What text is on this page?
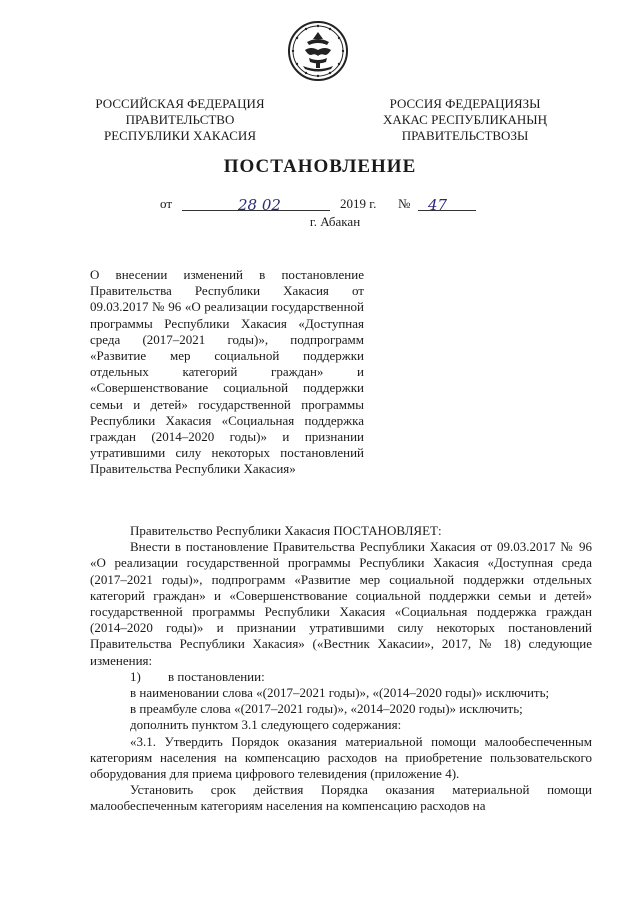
РОССИЙСКАЯ ФЕДЕРАЦИЯ
ПРАВИТЕЛЬСТВО
РЕСПУБЛИКИ ХАКАСИЯ
РОССИЯ ФЕДЕРАЦИЯЗЫ
ХАКАС РЕСПУБЛИКАНЫҢ
ПРАВИТЕЛЬСТВОЗЫ
ПОСТАНОВЛЕНИЕ
от	28 02	2019 г. № 47
г. Абакан
О внесении изменений в постановление Правительства Республики Хакасия от 09.03.2017 № 96 «О реализации государственной программы Республики Хакасия «Доступная среда (2017–2021 годы)», подпрограмм «Развитие мер социальной поддержки отдельных категорий граждан» и «Совершенствование социальной поддержки семьи и детей» государственной программы Республики Хакасия «Социальная поддержка граждан (2014–2020 годы)» и признании утратившими силу некоторых постановлений Правительства Республики Хакасия»

Правительство Республики Хакасия ПОСТАНОВЛЯЕТ:

Внести в постановление Правительства Республики Хакасия от 09.03.2017 № 96 «О реализации государственной программы Республики Хакасия «Доступная среда (2017–2021 годы)», подпрограмм «Развитие мер социальной поддержки отдельных категорий граждан» и «Совершенствование социальной поддержки семьи и детей» государственной программы Республики Хакасия «Социальная поддержка граждан (2014–2020 годы)» и признании утратившими силу некоторых постановлений Правительства Республики Хакасия» («Вестник Хакасии», 2017, № 18) следующие изменения:

1) в постановлении:

в наименовании слова «(2017–2021 годы)», «(2014–2020 годы)» исключить;

в преамбуле слова «(2017–2021 годы)», «2014–2020 годы)» исключить;

дополнить пунктом 3.1 следующего содержания:

«3.1. Утвердить Порядок оказания материальной помощи малообеспеченным категориям населения на компенсацию расходов на приобретение пользовательского оборудования для приема цифрового телевидения (приложение 4).

Установить срок действия Порядка оказания материальной помощи малообеспеченным категориям населения на компенсацию расходов на
